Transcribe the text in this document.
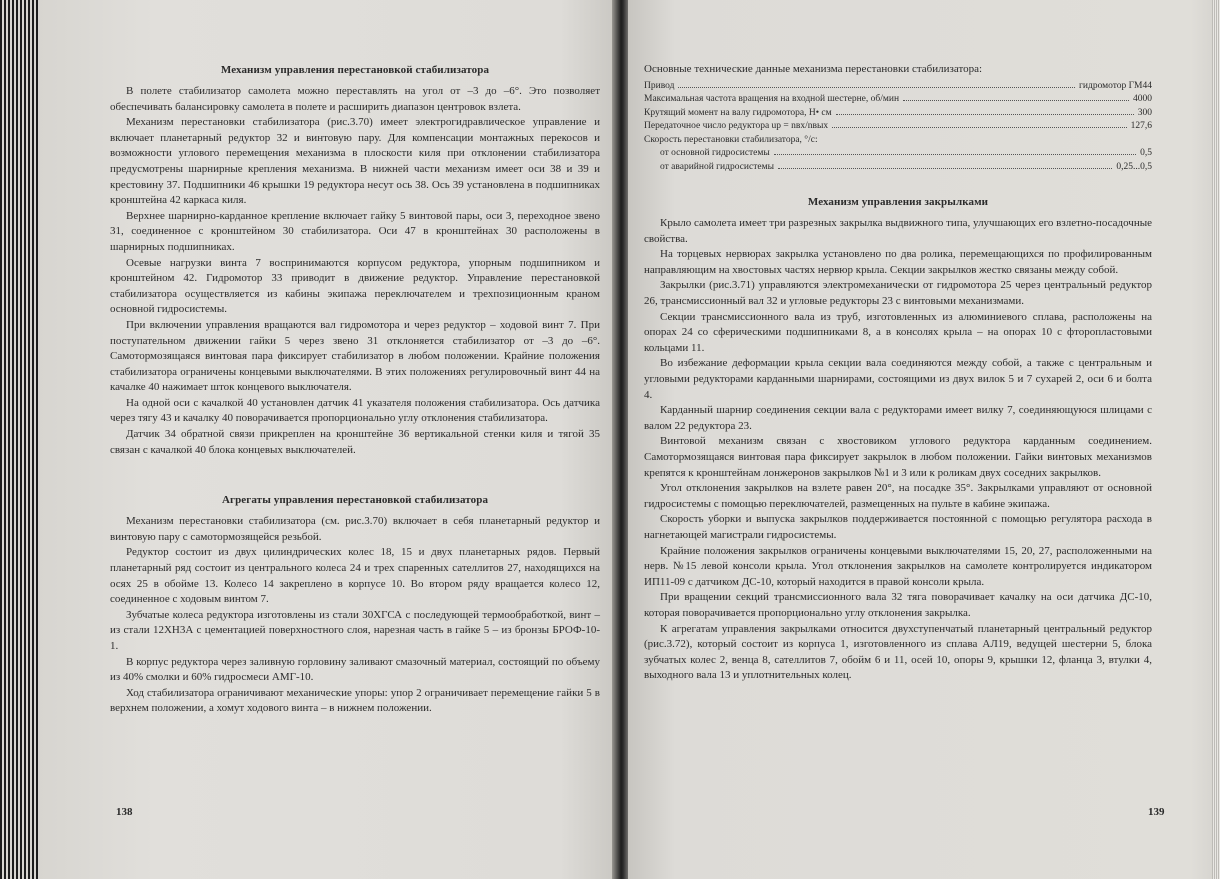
Механизм управления перестановкой стабилизатора

В полете стабилизатор самолета можно переставлять на угол от –3 до –6°. Это позволяет обеспечивать балансировку самолета в полете и расширить диапазон центровок взлета.

Механизм перестановки стабилизатора (рис.3.70) имеет электрогидравлическое управление и включает планетарный редуктор 32 и винтовую пару. Для компенсации монтажных перекосов и возможности углового перемещения механизма в плоскости киля при отклонении стабилизатора предусмотрены шарнирные крепления механизма. В нижней части механизм имеет оси 38 и 39 и крестовину 37. Подшипники 46 крышки 19 редуктора несут ось 38. Ось 39 установлена в подшипниках кронштейна 42 каркаса киля.

Верхнее шарнирно-карданное крепление включает гайку 5 винтовой пары, оси 3, переходное звено 31, соединенное с кронштейном 30 стабилизатора. Оси 47 в кронштейнах 30 расположены в шарнирных подшипниках.

Осевые нагрузки винта 7 воспринимаются корпусом редуктора, упорным подшипником и кронштейном 42. Гидромотор 33 приводит в движение редуктор. Управление перестановкой стабилизатора осуществляется из кабины экипажа переключателем и трехпозиционным краном основной гидросистемы.

При включении управления вращаются вал гидромотора и через редуктор – ходовой винт 7. При поступательном движении гайки 5 через звено 31 отклоняется стабилизатор от –3 до –6°. Самотормозящаяся винтовая пара фиксирует стабилизатор в любом положении. Крайние положения стабилизатора ограничены концевыми выключателями. В этих положениях регулировочный винт 44 на качалке 40 нажимает шток концевого выключателя.

На одной оси с качалкой 40 установлен датчик 41 указателя положения стабилизатора. Ось датчика через тягу 43 и качалку 40 поворачивается пропорционально углу отклонения стабилизатора.

Датчик 34 обратной связи прикреплен на кронштейне 36 вертикальной стенки киля и тягой 35 связан с качалкой 40 блока концевых выключателей.

Агрегаты управления перестановкой стабилизатора

Механизм перестановки стабилизатора (см. рис.3.70) включает в себя планетарный редуктор и винтовую пару с самотормозящейся резьбой.

Редуктор состоит из двух цилиндрических колес 18, 15 и двух планетарных рядов. Первый планетарный ряд состоит из центрального колеса 24 и трех спаренных сателлитов 27, находящихся на осях 25 в обойме 13. Колесо 14 закреплено в корпусе 10. Во втором ряду вращается колесо 12, соединенное с ходовым винтом 7.

Зубчатые колеса редуктора изготовлены из стали 30ХГСА с последующей термообработкой, винт – из стали 12ХН3А с цементацией поверхностного слоя, нарезная часть в гайке 5 – из бронзы БРОФ-10-1.

В корпус редуктора через заливную горловину заливают смазочный материал, состоящий по объему из 40% смолки и 60% гидросмеси АМГ-10.

Ход стабилизатора ограничивают механические упоры: упор 2 ограничивает перемещение гайки 5 в верхнем положении, а хомут ходового винта – в нижнем положении.

138

Основные технические данные механизма перестановки стабилизатора:

Привод	гидромотор ГМ44
Максимальная частота вращения на входной шестерне, об/мин	4000
Крутящий момент на валу гидромотора, Н• см	300
Передаточное число редуктора uр = nвх/nвых	127,6
Скорость перестановки стабилизатора, °/с:
от основной гидросистемы	0,5
от аварийной гидросистемы	0,25...0,5
Механизм управления закрылками

Крыло самолета имеет три разрезных закрылка выдвижного типа, улучшающих его взлетно-посадочные свойства.

На торцевых нервюрах закрылка установлено по два ролика, перемещающихся по профилированным направляющим на хвостовых частях нервюр крыла. Секции закрылков жестко связаны между собой.

Закрылки (рис.3.71) управляются электромеханически от гидромотора 25 через центральный редуктор 26, трансмиссионный вал 32 и угловые редукторы 23 с винтовыми механизмами.

Секции трансмиссионного вала из труб, изготовленных из алюминиевого сплава, расположены на опорах 24 со сферическими подшипниками 8, а в консолях крыла – на опорах 10 с фторопластовыми кольцами 11.

Во избежание деформации крыла секции вала соединяются между собой, а также с центральным и угловыми редукторами карданными шарнирами, состоящими из двух вилок 5 и 7 сухарей 2, оси 6 и болта 4.

Карданный шарнир соединения секции вала с редукторами имеет вилку 7, соединяющуюся шлицами с валом 22 редуктора 23.

Винтовой механизм связан с хвостовиком углового редуктора карданным соединением. Самотормозящаяся винтовая пара фиксирует закрылок в любом положении. Гайки винтовых механизмов крепятся к кронштейнам лонжеронов закрылков №1 и 3 или к роликам двух соседних закрылков.

Угол отклонения закрылков на взлете равен 20°, на посадке 35°. Закрылками управляют от основной гидросистемы с помощью переключателей, размещенных на пульте в кабине экипажа.

Скорость уборки и выпуска закрылков поддерживается постоянной с помощью регулятора расхода в нагнетающей магистрали гидросистемы.

Крайние положения закрылков ограничены концевыми выключателями 15, 20, 27, расположенными на нерв. №15 левой консоли крыла. Угол отклонения закрылков на самолете контролируется индикатором ИП11-09 с датчиком ДС-10, который находится в правой консоли крыла.

При вращении секций трансмиссионного вала 32 тяга поворачивает качалку на оси датчика ДС-10, которая поворачивается пропорционально углу отклонения закрылка.

К агрегатам управления закрылками относится двухступенчатый планетарный центральный редуктор (рис.3.72), который состоит из корпуса 1, изготовленного из сплава АЛ19, ведущей шестерни 5, блока зубчатых колес 2, венца 8, сателлитов 7, обойм 6 и 11, осей 10, опоры 9, крышки 12, фланца 3, втулки 4, выходного вала 13 и уплотнительных колец.

139
